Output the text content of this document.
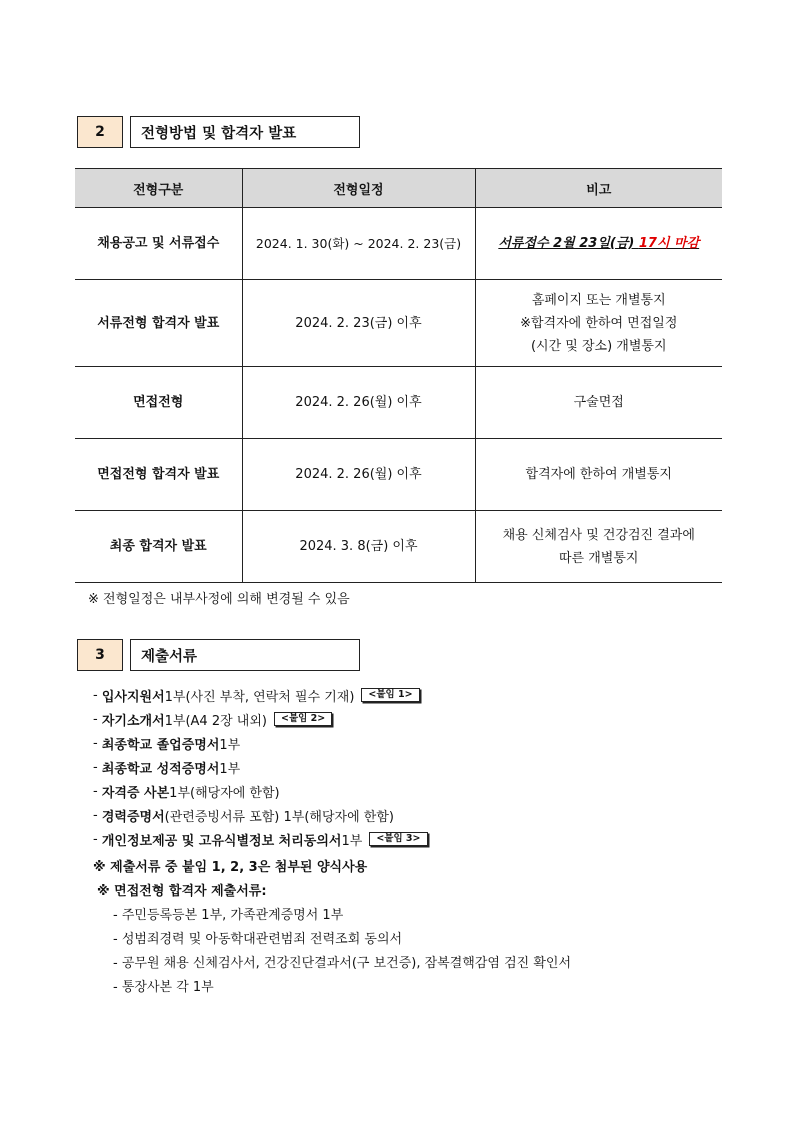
2	전형방법 및 합격자 발표
전형구분	전형일정	비고
채용공고 및 서류접수	2024. 1. 30(화) ~ 2024. 2. 23(금)	서류접수 2월 23일(금) 17시 마감
서류전형 합격자 발표	2024. 2. 23(금) 이후	홈페이지 또는 개별통지
※합격자에 한하여 면접일정
(시간 및 장소) 개별통지

면접전형	2024. 2. 26(월) 이후	구술면접
면접전형 합격자 발표	2024. 2. 26(월) 이후	합격자에 한하여 개별통지
최종 합격자 발표	2024. 3. 8(금) 이후	채용 신체검사 및 건강검진 결과에
따른 개별통지
※ 전형일정은 내부사정에 의해 변경될 수 있음
3	제출서류
-
입사지원서 1부(사진 부착, 연락처 필수 기재)	<붙임 1>
-
자기소개서 1부(A4 2장 내외)	<붙임 2>
-
최종학교 졸업증명서 1부
-
최종학교 성적증명서 1부
-
자격증 사본 1부(해당자에 한함)
-
경력증명서 (관련증빙서류 포함) 1부(해당자에 한함)
-
개인정보제공 및 고유식별정보 처리동의서 1부	<붙임 3>
※ 제출서류 중 붙임 1, 2, 3은 첨부된 양식사용
※ 면접전형 합격자 제출서류:
- 주민등록등본 1부, 가족관계증명서 1부
- 성범죄경력 및 아동학대관련범죄 전력조회 동의서
- 공무원 채용 신체검사서, 건강진단결과서(구 보건증), 잠복결핵감염 검진 확인서
- 통장사본 각 1부
